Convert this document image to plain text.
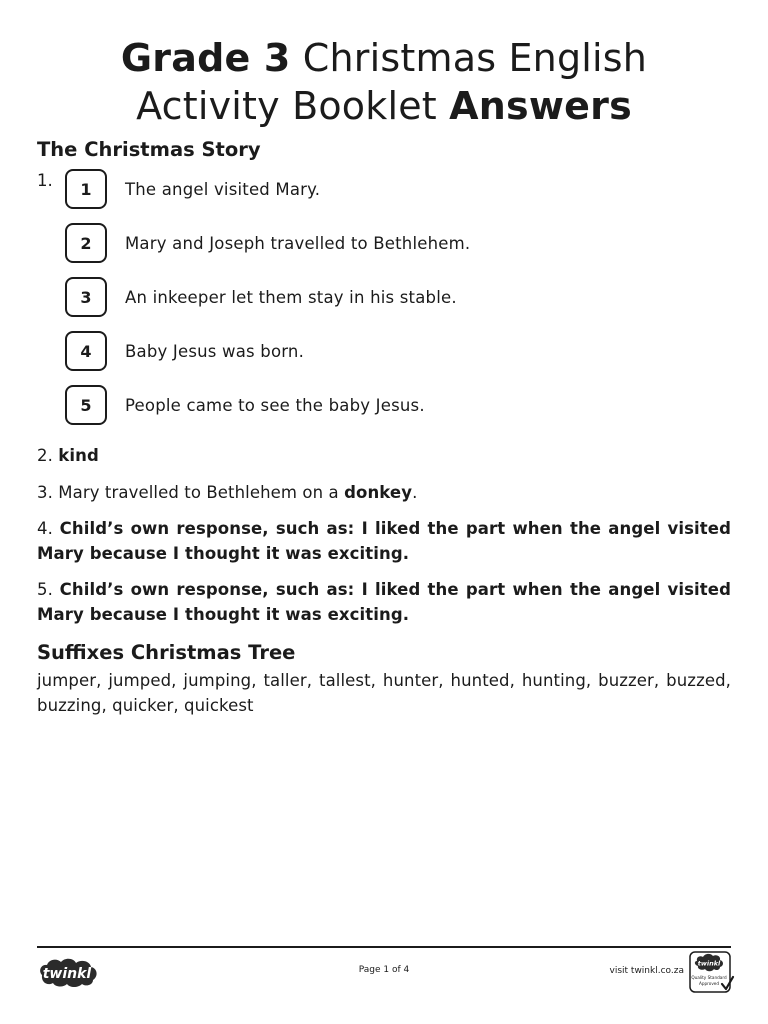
Grade 3 Christmas English
Activity Booklet Answers
The Christmas Story
1.	1	The angel visited Mary.
2	Mary and Joseph travelled to Bethlehem.
3	An inkeeper let them stay in his stable.
4	Baby Jesus was born.
5	People came to see the baby Jesus.
2. kind
3. Mary travelled to Bethlehem on a donkey.
4. Child’s own response, such as: I liked the part when the angel visited Mary because I thought it was exciting.
5. Child’s own response, such as: I liked the part when the angel visited Mary because I thought it was exciting.
Suffixes Christmas Tree
jumper, jumped, jumping, taller, tallest, hunter, hunted, hunting, buzzer, buzzed, buzzing, quicker, quickest
twinkl	Page 1 of 4	visit twinkl.co.za
twinkl
Quality Standard
Approved
